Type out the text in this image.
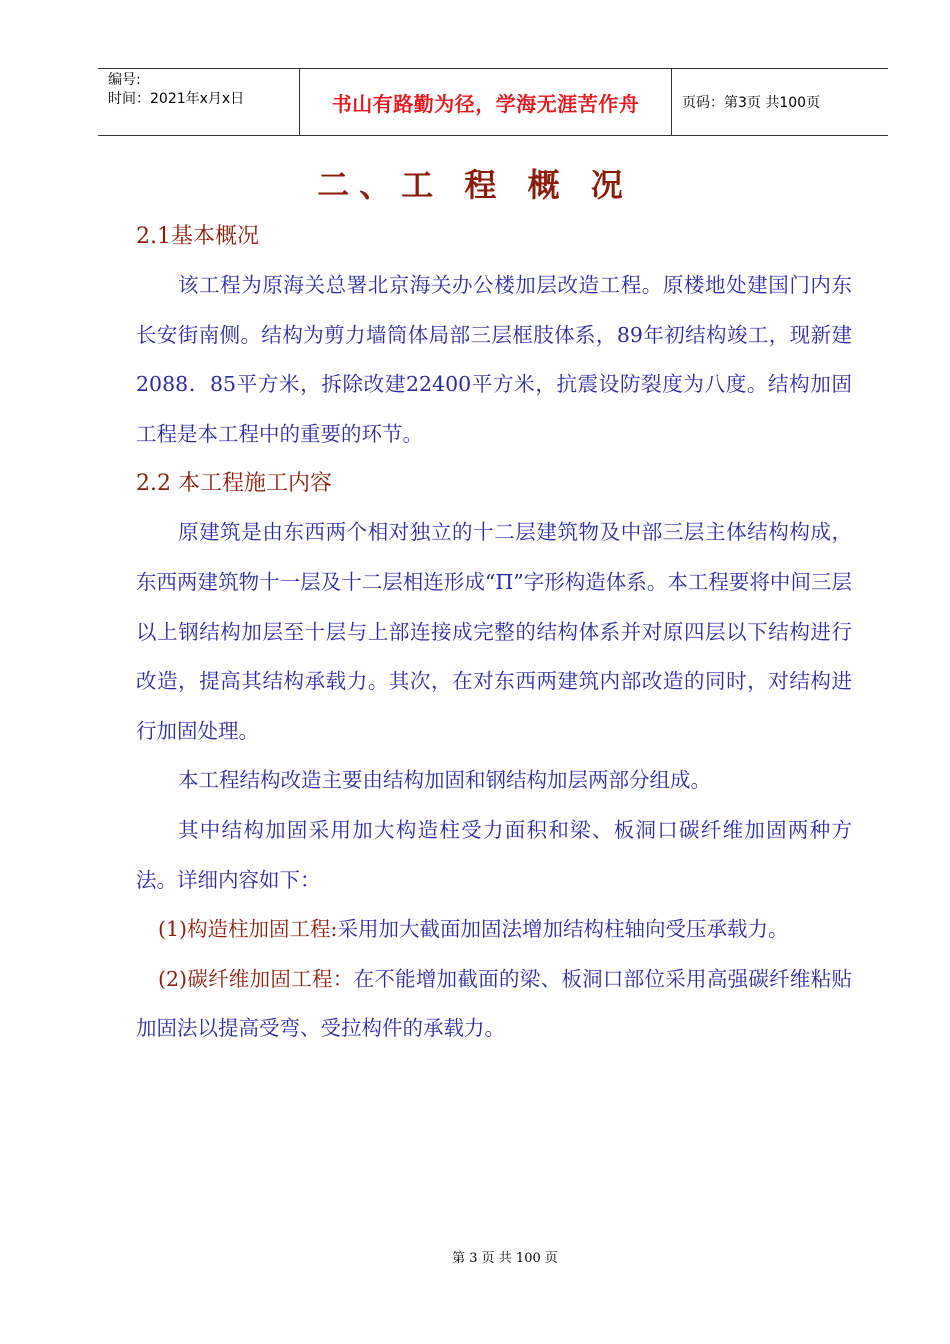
编号:
时间：2021年x月x日	书山有路勤为径，学海无涯苦作舟	页码：第3页 共100页
二、工 程 概 况
2.1基本概况
该工程为原海关总署北京海关办公楼加层改造工程。原楼地处建国门内东长安街南侧。结构为剪力墙筒体局部三层框肢体系，89年初结构竣工，现新建2088．85平方米，拆除改建22400平方米，抗震设防裂度为八度。结构加固工程是本工程中的重要的环节。
2.2 本工程施工内容
原建筑是由东西两个相对独立的十二层建筑物及中部三层主体结构构成，东西两建筑物十一层及十二层相连形成“Π”字形构造体系。本工程要将中间三层以上钢结构加层至十层与上部连接成完整的结构体系并对原四层以下结构进行改造，提高其结构承载力。其次，在对东西两建筑内部改造的同时，对结构进行加固处理。
本工程结构改造主要由结构加固和钢结构加层两部分组成。
其中结构加固采用加大构造柱受力面积和梁、板洞口碳纤维加固两种方法。详细内容如下：
(1)构造柱加固工程:采用加大截面加固法增加结构柱轴向受压承载力。
(2)碳纤维加固工程：在不能增加截面的梁、板洞口部位采用高强碳纤维粘贴加固法以提高受弯、受拉构件的承载力。
第 3 页 共 100 页
